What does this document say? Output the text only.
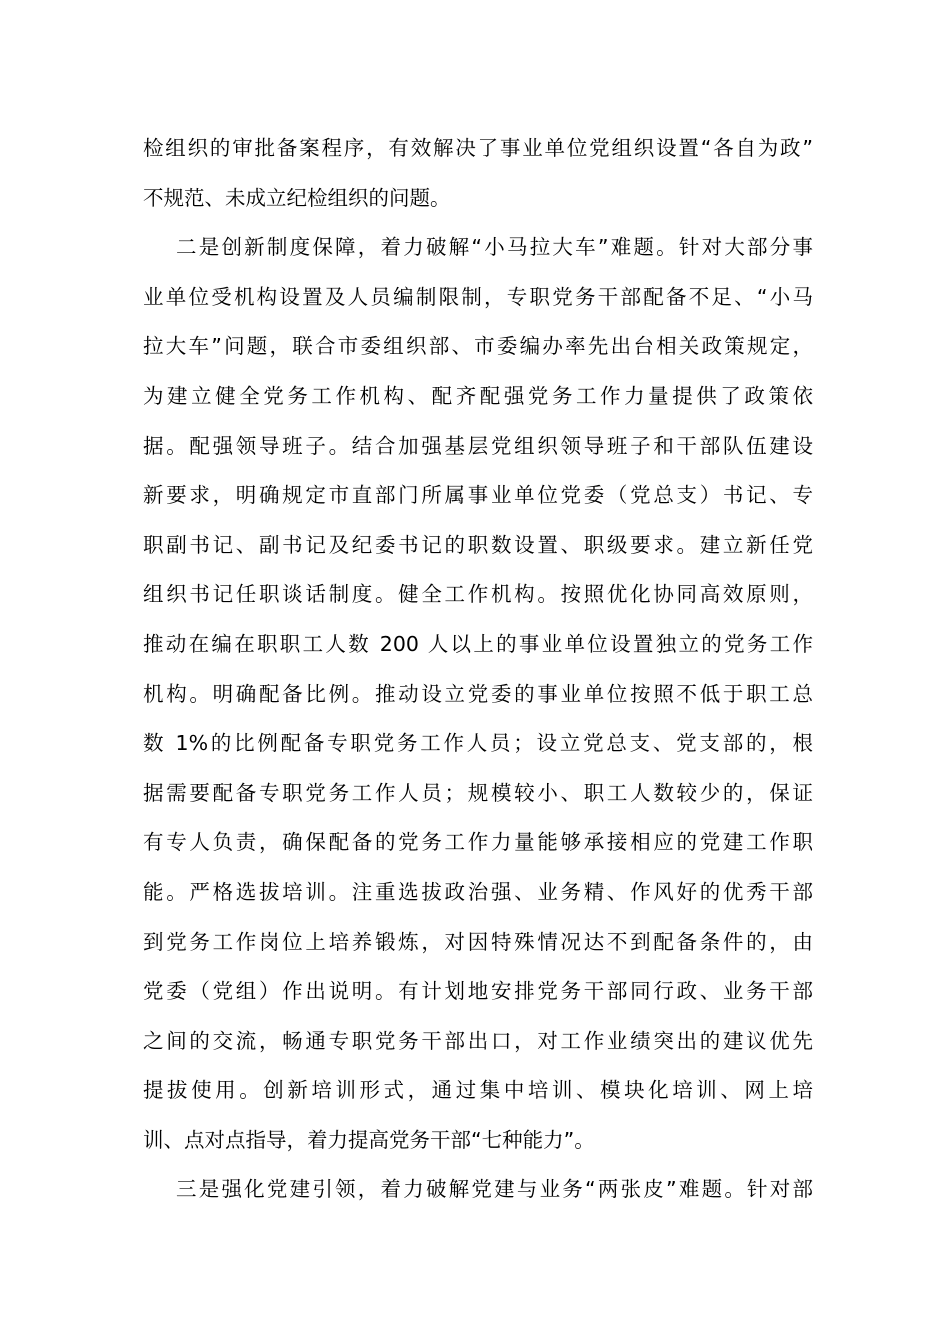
检组织的审批备案程序，有效解决了事业单位党组织设置“各自为政”
不规范、未成立纪检组织的问题。
二是创新制度保障，着力破解“小马拉大车”难题。针对大部分事
业单位受机构设置及人员编制限制，专职党务干部配备不足、“小马
拉大车”问题，联合市委组织部、市委编办率先出台相关政策规定，
为建立健全党务工作机构、配齐配强党务工作力量提供了政策依
据。配强领导班子。结合加强基层党组织领导班子和干部队伍建设
新要求，明确规定市直部门所属事业单位党委（党总支）书记、专
职副书记、副书记及纪委书记的职数设置、职级要求。建立新任党
组织书记任职谈话制度。健全工作机构。按照优化协同高效原则，
推动在编在职职工人数 200 人以上的事业单位设置独立的党务工作
机构。明确配备比例。推动设立党委的事业单位按照不低于职工总
数 1%的比例配备专职党务工作人员；设立党总支、党支部的，根
据需要配备专职党务工作人员；规模较小、职工人数较少的，保证
有专人负责，确保配备的党务工作力量能够承接相应的党建工作职
能。严格选拔培训。注重选拔政治强、业务精、作风好的优秀干部
到党务工作岗位上培养锻炼，对因特殊情况达不到配备条件的，由
党委（党组）作出说明。有计划地安排党务干部同行政、业务干部
之间的交流，畅通专职党务干部出口，对工作业绩突出的建议优先
提拔使用。创新培训形式，通过集中培训、模块化培训、网上培
训、点对点指导，着力提高党务干部“七种能力”。
三是强化党建引领，着力破解党建与业务“两张皮”难题。针对部
